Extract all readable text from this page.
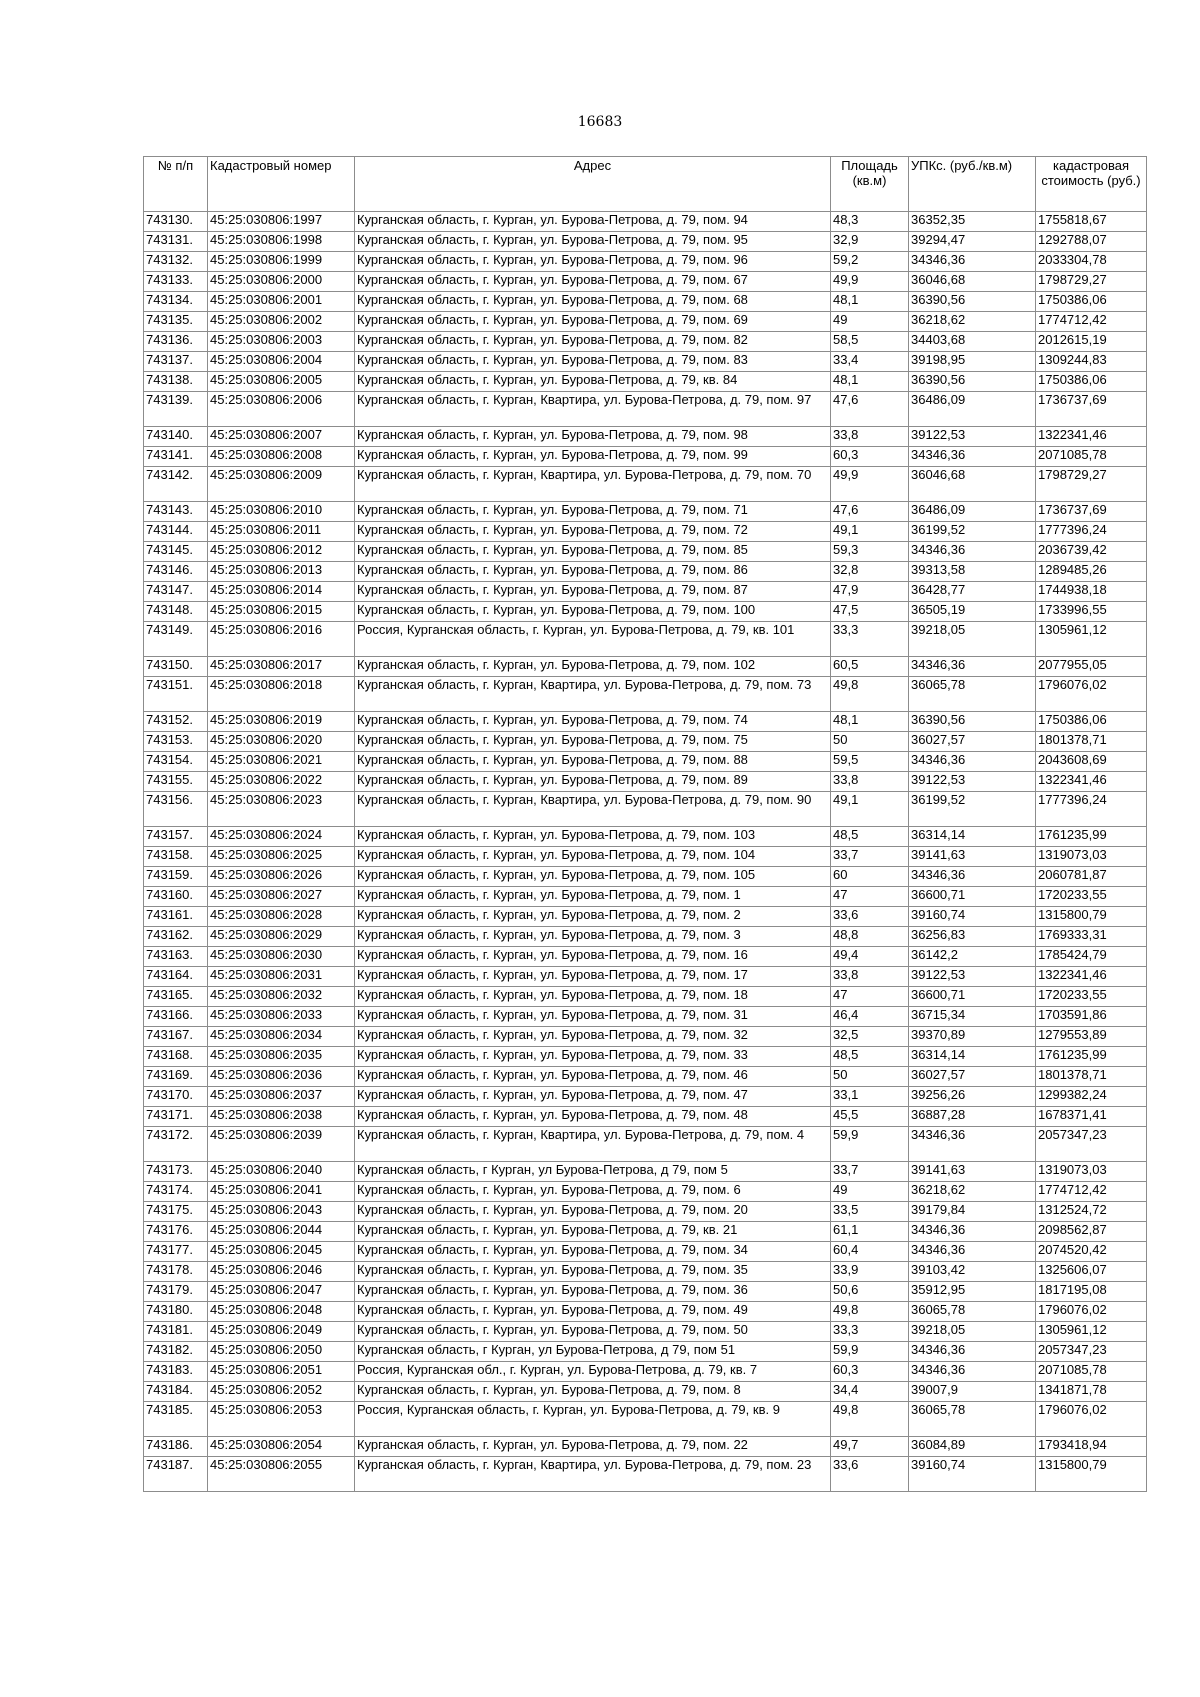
16683
№ п/п	Кадастровый номер	Адрес	Площадь (кв.м)	УПКс. (руб./кв.м)	кадастровая стоимость (руб.)
743130.	45:25:030806:1997	Курганская область, г. Курган, ул. Бурова-Петрова, д. 79, пом. 94	48,3	36352,35	1755818,67
743131.	45:25:030806:1998	Курганская область, г. Курган, ул. Бурова-Петрова, д. 79, пом. 95	32,9	39294,47	1292788,07
743132.	45:25:030806:1999	Курганская область, г. Курган, ул. Бурова-Петрова, д. 79, пом. 96	59,2	34346,36	2033304,78
743133.	45:25:030806:2000	Курганская область, г. Курган, ул. Бурова-Петрова, д. 79, пом. 67	49,9	36046,68	1798729,27
743134.	45:25:030806:2001	Курганская область, г. Курган, ул. Бурова-Петрова, д. 79, пом. 68	48,1	36390,56	1750386,06
743135.	45:25:030806:2002	Курганская область, г. Курган, ул. Бурова-Петрова, д. 79, пом. 69	49	36218,62	1774712,42
743136.	45:25:030806:2003	Курганская область, г. Курган, ул. Бурова-Петрова, д. 79, пом. 82	58,5	34403,68	2012615,19
743137.	45:25:030806:2004	Курганская область, г. Курган, ул. Бурова-Петрова, д. 79, пом. 83	33,4	39198,95	1309244,83
743138.	45:25:030806:2005	Курганская область, г. Курган, ул. Бурова-Петрова, д. 79, кв. 84	48,1	36390,56	1750386,06
743139.	45:25:030806:2006	Курганская область, г. Курган, Квартира, ул. Бурова-Петрова, д. 79, пом. 97	47,6	36486,09	1736737,69
743140.	45:25:030806:2007	Курганская область, г. Курган, ул. Бурова-Петрова, д. 79, пом. 98	33,8	39122,53	1322341,46
743141.	45:25:030806:2008	Курганская область, г. Курган, ул. Бурова-Петрова, д. 79, пом. 99	60,3	34346,36	2071085,78
743142.	45:25:030806:2009	Курганская область, г. Курган, Квартира, ул. Бурова-Петрова, д. 79, пом. 70	49,9	36046,68	1798729,27
743143.	45:25:030806:2010	Курганская область, г. Курган, ул. Бурова-Петрова, д. 79, пом. 71	47,6	36486,09	1736737,69
743144.	45:25:030806:2011	Курганская область, г. Курган, ул. Бурова-Петрова, д. 79, пом. 72	49,1	36199,52	1777396,24
743145.	45:25:030806:2012	Курганская область, г. Курган, ул. Бурова-Петрова, д. 79, пом. 85	59,3	34346,36	2036739,42
743146.	45:25:030806:2013	Курганская область, г. Курган, ул. Бурова-Петрова, д. 79, пом. 86	32,8	39313,58	1289485,26
743147.	45:25:030806:2014	Курганская область, г. Курган, ул. Бурова-Петрова, д. 79, пом. 87	47,9	36428,77	1744938,18
743148.	45:25:030806:2015	Курганская область, г. Курган, ул. Бурова-Петрова, д. 79, пом. 100	47,5	36505,19	1733996,55
743149.	45:25:030806:2016	Россия, Курганская область, г. Курган, ул. Бурова-Петрова, д. 79, кв. 101	33,3	39218,05	1305961,12
743150.	45:25:030806:2017	Курганская область, г. Курган, ул. Бурова-Петрова, д. 79, пом. 102	60,5	34346,36	2077955,05
743151.	45:25:030806:2018	Курганская область, г. Курган, Квартира, ул. Бурова-Петрова, д. 79, пом. 73	49,8	36065,78	1796076,02
743152.	45:25:030806:2019	Курганская область, г. Курган, ул. Бурова-Петрова, д. 79, пом. 74	48,1	36390,56	1750386,06
743153.	45:25:030806:2020	Курганская область, г. Курган, ул. Бурова-Петрова, д. 79, пом. 75	50	36027,57	1801378,71
743154.	45:25:030806:2021	Курганская область, г. Курган, ул. Бурова-Петрова, д. 79, пом. 88	59,5	34346,36	2043608,69
743155.	45:25:030806:2022	Курганская область, г. Курган, ул. Бурова-Петрова, д. 79, пом. 89	33,8	39122,53	1322341,46
743156.	45:25:030806:2023	Курганская область, г. Курган, Квартира, ул. Бурова-Петрова, д. 79, пом. 90	49,1	36199,52	1777396,24
743157.	45:25:030806:2024	Курганская область, г. Курган, ул. Бурова-Петрова, д. 79, пом. 103	48,5	36314,14	1761235,99
743158.	45:25:030806:2025	Курганская область, г. Курган, ул. Бурова-Петрова, д. 79, пом. 104	33,7	39141,63	1319073,03
743159.	45:25:030806:2026	Курганская область, г. Курган, ул. Бурова-Петрова, д. 79, пом. 105	60	34346,36	2060781,87
743160.	45:25:030806:2027	Курганская область, г. Курган, ул. Бурова-Петрова, д. 79, пом. 1	47	36600,71	1720233,55
743161.	45:25:030806:2028	Курганская область, г. Курган, ул. Бурова-Петрова, д. 79, пом. 2	33,6	39160,74	1315800,79
743162.	45:25:030806:2029	Курганская область, г. Курган, ул. Бурова-Петрова, д. 79, пом. 3	48,8	36256,83	1769333,31
743163.	45:25:030806:2030	Курганская область, г. Курган, ул. Бурова-Петрова, д. 79, пом. 16	49,4	36142,2	1785424,79
743164.	45:25:030806:2031	Курганская область, г. Курган, ул. Бурова-Петрова, д. 79, пом. 17	33,8	39122,53	1322341,46
743165.	45:25:030806:2032	Курганская область, г. Курган, ул. Бурова-Петрова, д. 79, пом. 18	47	36600,71	1720233,55
743166.	45:25:030806:2033	Курганская область, г. Курган, ул. Бурова-Петрова, д. 79, пом. 31	46,4	36715,34	1703591,86
743167.	45:25:030806:2034	Курганская область, г. Курган, ул. Бурова-Петрова, д. 79, пом. 32	32,5	39370,89	1279553,89
743168.	45:25:030806:2035	Курганская область, г. Курган, ул. Бурова-Петрова, д. 79, пом. 33	48,5	36314,14	1761235,99
743169.	45:25:030806:2036	Курганская область, г. Курган, ул. Бурова-Петрова, д. 79, пом. 46	50	36027,57	1801378,71
743170.	45:25:030806:2037	Курганская область, г. Курган, ул. Бурова-Петрова, д. 79, пом. 47	33,1	39256,26	1299382,24
743171.	45:25:030806:2038	Курганская область, г. Курган, ул. Бурова-Петрова, д. 79, пом. 48	45,5	36887,28	1678371,41
743172.	45:25:030806:2039	Курганская область, г. Курган, Квартира, ул. Бурова-Петрова, д. 79, пом. 4	59,9	34346,36	2057347,23
743173.	45:25:030806:2040	Курганская область, г Курган, ул Бурова-Петрова, д 79, пом 5	33,7	39141,63	1319073,03
743174.	45:25:030806:2041	Курганская область, г. Курган, ул. Бурова-Петрова, д. 79, пом. 6	49	36218,62	1774712,42
743175.	45:25:030806:2043	Курганская область, г. Курган, ул. Бурова-Петрова, д. 79, пом. 20	33,5	39179,84	1312524,72
743176.	45:25:030806:2044	Курганская область, г. Курган, ул. Бурова-Петрова, д. 79, кв. 21	61,1	34346,36	2098562,87
743177.	45:25:030806:2045	Курганская область, г. Курган, ул. Бурова-Петрова, д. 79, пом. 34	60,4	34346,36	2074520,42
743178.	45:25:030806:2046	Курганская область, г. Курган, ул. Бурова-Петрова, д. 79, пом. 35	33,9	39103,42	1325606,07
743179.	45:25:030806:2047	Курганская область, г. Курган, ул. Бурова-Петрова, д. 79, пом. 36	50,6	35912,95	1817195,08
743180.	45:25:030806:2048	Курганская область, г. Курган, ул. Бурова-Петрова, д. 79, пом. 49	49,8	36065,78	1796076,02
743181.	45:25:030806:2049	Курганская область, г. Курган, ул. Бурова-Петрова, д. 79, пом. 50	33,3	39218,05	1305961,12
743182.	45:25:030806:2050	Курганская область, г Курган, ул Бурова-Петрова, д 79, пом 51	59,9	34346,36	2057347,23
743183.	45:25:030806:2051	Россия, Курганская обл., г. Курган, ул. Бурова-Петрова, д. 79, кв. 7	60,3	34346,36	2071085,78
743184.	45:25:030806:2052	Курганская область, г. Курган, ул. Бурова-Петрова, д. 79, пом. 8	34,4	39007,9	1341871,78
743185.	45:25:030806:2053	Россия, Курганская область, г. Курган, ул. Бурова-Петрова, д. 79, кв. 9	49,8	36065,78	1796076,02
743186.	45:25:030806:2054	Курганская область, г. Курган, ул. Бурова-Петрова, д. 79, пом. 22	49,7	36084,89	1793418,94
743187.	45:25:030806:2055	Курганская область, г. Курган, Квартира, ул. Бурова-Петрова, д. 79, пом. 23	33,6	39160,74	1315800,79
